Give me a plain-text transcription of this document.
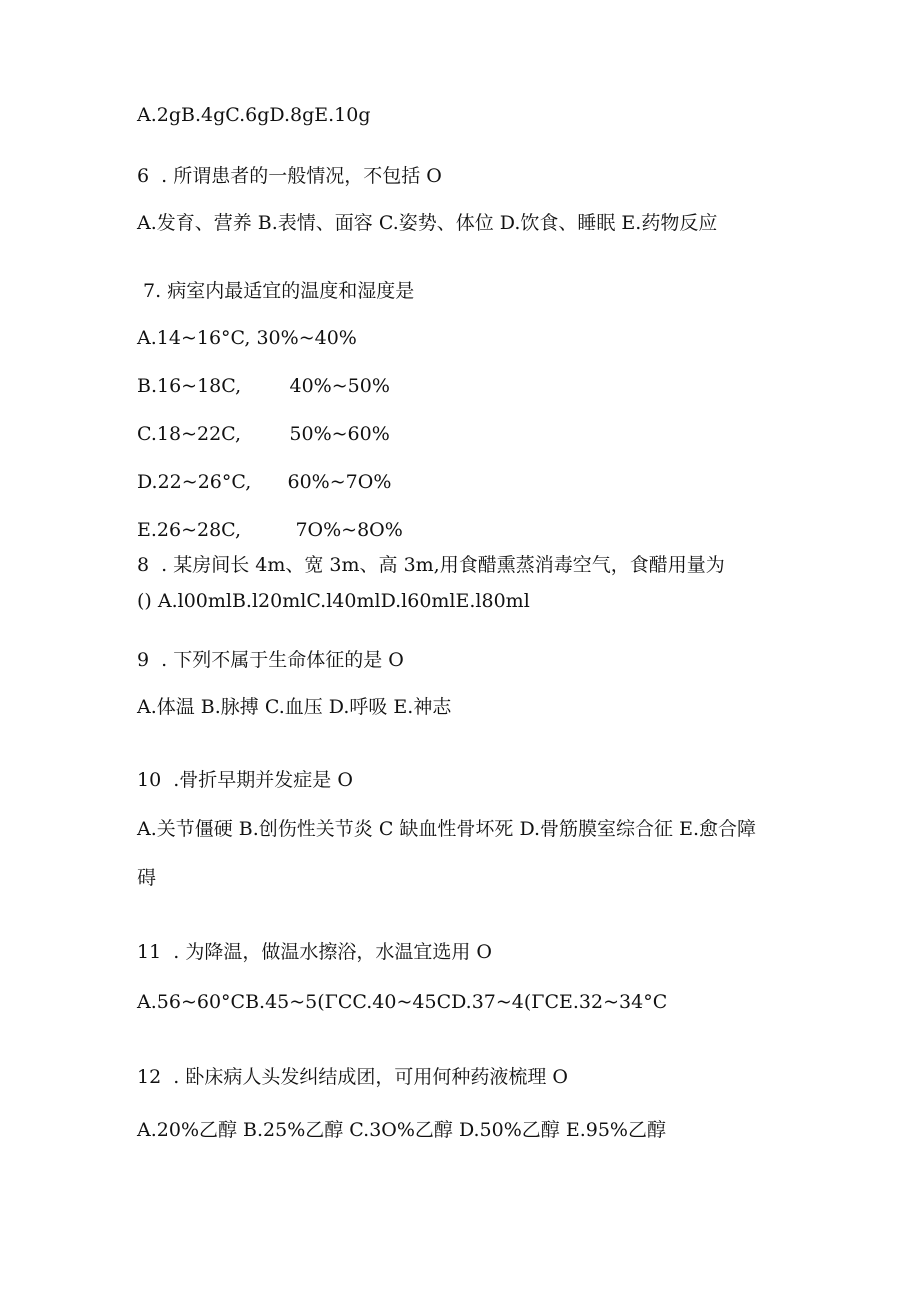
A.2gB.4gC.6gD.8gE.10g

6  . 所谓患者的一般情况，不包括 O

A.发育、营养 B.表情、面容 C.姿势、体位 D.饮食、睡眠 E.药物反应

7. 病室内最适宜的温度和湿度是

A.14~16°C, 30%~40%

B.16~18C,        40%~50%

C.18~22C,        50%~60%

D.22~26°C,      60%~7O%

E.26~28C,         7O%~8O%

8  . 某房间长 4m、宽 3m、高 3m,用食醋熏蒸消毒空气，食醋用量为

() A.l00mlB.l20mlC.l40mlD.l60mlE.l80ml

9  . 下列不属于生命体征的是 O

A.体温 B.脉搏 C.血压 D.呼吸 E.神志

10  .骨折早期并发症是 O

A.关节僵硬 B.创伤性关节炎 C 缺血性骨坏死 D.骨筋膜室综合征 E.愈合障

碍

11  . 为降温，做温水擦浴，水温宜选用 O

A.56~60°CB.45~5(ΓCC.40~45CD.37~4(ΓCE.32~34°C

12  . 卧床病人头发纠结成团，可用何种药液梳理 O

A.20%乙醇 B.25%乙醇 C.3O%乙醇 D.50%乙醇 E.95%乙醇
